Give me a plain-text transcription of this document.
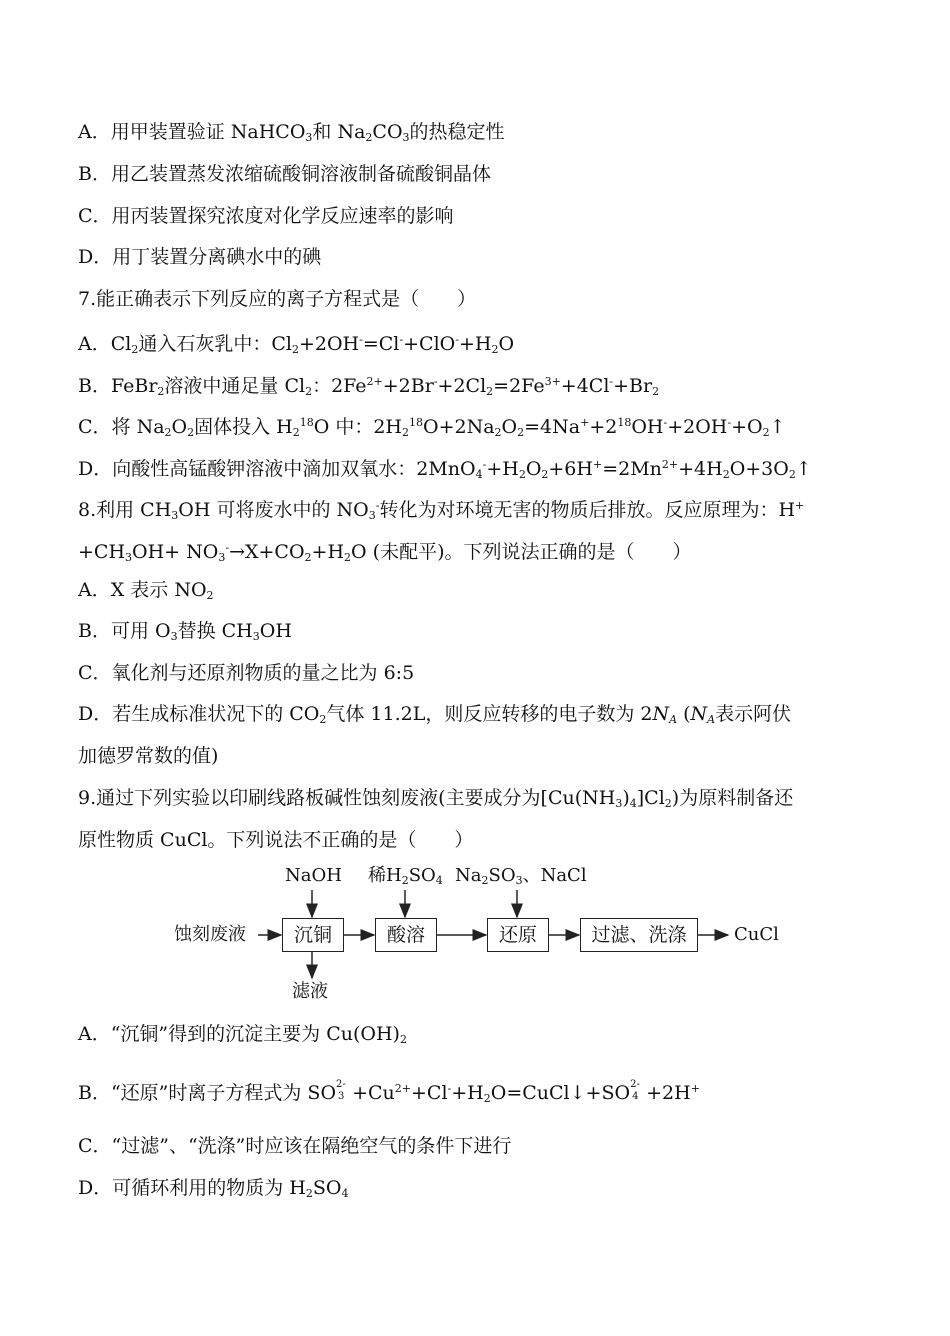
A．用甲装置验证 NaHCO$_3$和 $Na_2CO_3$的热稳定性
B．用乙装置蒸发浓缩硫酸铜溶液制备硫酸铜晶体
C．用丙装置探究浓度对化学反应速率的影响
D．用丁装置分离碘水中的碘
7.能正确表示下列反应的离子方程式是（　　）
A．$Cl_2$通入石灰乳中：$Cl_2+2OH^-=Cl^-+ClO^-+H_2O$
B．FeBr$_2$溶液中通足量 $Cl_2$：$2Fe^{2+}+2Br^-+2Cl_2=2Fe^{3+}+4Cl^-+Br_2$
C．将 $Na_2O_2$固体投入 $H_2^{18}O$ 中：$2H_2^{18}O+2Na_2O_2=4Na^++2^{18}OH^-+2OH^-+O_2↑$
D．向酸性高锰酸钾溶液中滴加双氧水：$2MnO_4^-+H_2O_2+6H^+=2Mn^{2+}+4H_2O+3O_2↑$
8.利用 $CH_3OH$ 可将废水中的 $NO_3^-$转化为对环境无害的物质后排放。反应原理为：H+
$+CH_3OH+ NO_3^-\to X+CO_2+H_2O$ (未配平)。下列说法正确的是（　　）
A．X 表示 $NO_2$
B．可用 $O_3$替换 $CH_3OH$
C．氧化剂与还原剂物质的量之比为 6:5
D．若生成标准状况下的 $CO_2$气体 11.2L，则反应转移的电子数为 $2N_A$ ($N_A$表示阿伏
加德罗常数的值)
9.通过下列实验以印刷线路板碱性蚀刻废液(主要成分为$[Cu(NH_3)_4]Cl_2$)为原料制备还
原性物质 CuCl。下列说法不正确的是（　　）
蚀刻废液	沉铜	酸溶	还原	过滤、洗涤	CuCl
NaOH 稀$H_2SO_4$ $Na_2SO_3$、NaCl
滤液
A．“沉铜”得到的沉淀主要为 $Cu(OH)_2$
B．“还原”时离子方程式为 SO 2-
$3 +Cu^{2+}+Cl^-+H_2O=CuCl↓+SO$ 2-
4 +2H+
C．“过滤”、“洗涤”时应该在隔绝空气的条件下进行
D．可循环利用的物质为 $H_2SO_4$
